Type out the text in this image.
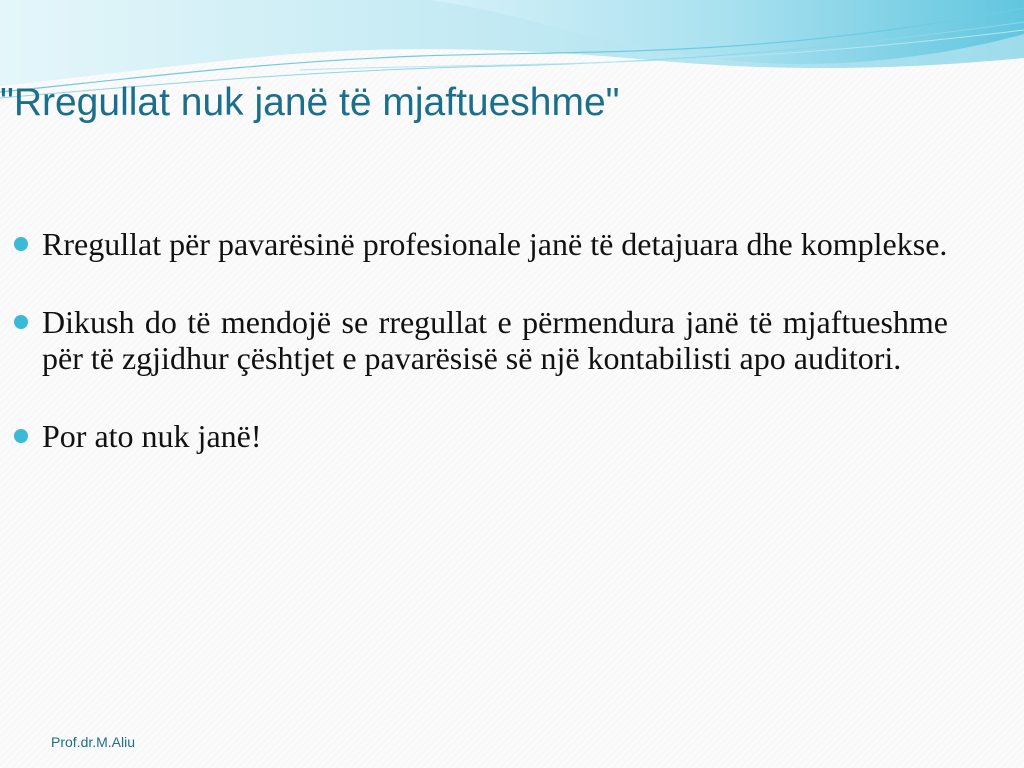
"Rregullat nuk janë të mjaftueshme"
Rregullat për pavarësinë profesionale janë të detajuara dhe komplekse.
Dikush do të mendojë se rregullat e përmendura janë të mjaftueshme për të zgjidhur çështjet e pavarësisë së një kontabilisti apo auditori.
Por ato nuk janë!
Prof.dr.M.Aliu
